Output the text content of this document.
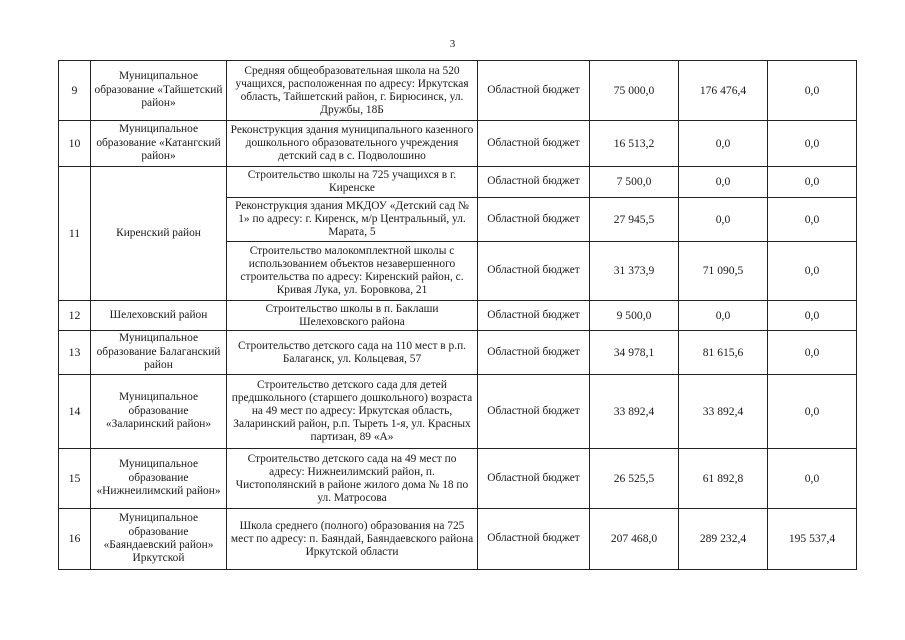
3
9	Муниципальное образование «Тайшетский район»	Средняя общеобразовательная школа на 520 учащихся, расположенная по адресу: Иркутская область, Тайшетский район, г. Бирюсинск, ул. Дружбы, 18Б	Областной бюджет	75 000,0	176 476,4	0,0
10	Муниципальное образование «Катангский район»	Реконструкция здания муниципального казенного дошкольного образовательного учреждения детский сад в с. Подволошино	Областной бюджет	16 513,2	0,0	0,0
11	Киренский район	Строительство школы на 725 учащихся в г. Киренске	Областной бюджет	7 500,0	0,0	0,0
		Реконструкция здания МКДОУ «Детский сад № 1» по адресу: г. Киренск, м/р Центральный, ул. Марата, 5	Областной бюджет	27 945,5	0,0	0,0
		Строительство малокомплектной школы с использованием объектов незавершенного строительства по адресу: Киренский район, с. Кривая Лука, ул. Боровкова, 21	Областной бюджет	31 373,9	71 090,5	0,0
12	Шелеховский район	Строительство школы в п. Баклаши Шелеховского района	Областной бюджет	9 500,0	0,0	0,0
13	Муниципальное образование Балаганский район	Строительство детского сада на 110 мест в р.п. Балаганск, ул. Кольцевая, 57	Областной бюджет	34 978,1	81 615,6	0,0
14	Муниципальное образование «Заларинский район»	Строительство детского сада для детей предшкольного (старшего дошкольного) возраста на 49 мест по адресу: Иркутская область, Заларинский район, р.п. Тыреть 1-я, ул. Красных партизан, 89 «А»	Областной бюджет	33 892,4	33 892,4	0,0
15	Муниципальное образование «Нижнеилимский район»	Строительство детского сада на 49 мест по адресу: Нижнеилимский район, п. Чистополянский в районе жилого дома № 18 по ул. Матросова	Областной бюджет	26 525,5	61 892,8	0,0
16	Муниципальное образование «Баяндаевский район» Иркутской	Школа среднего (полного) образования на 725 мест по адресу: п. Баяндай, Баяндаевского района Иркутской области	Областной бюджет	207 468,0	289 232,4	195 537,4
